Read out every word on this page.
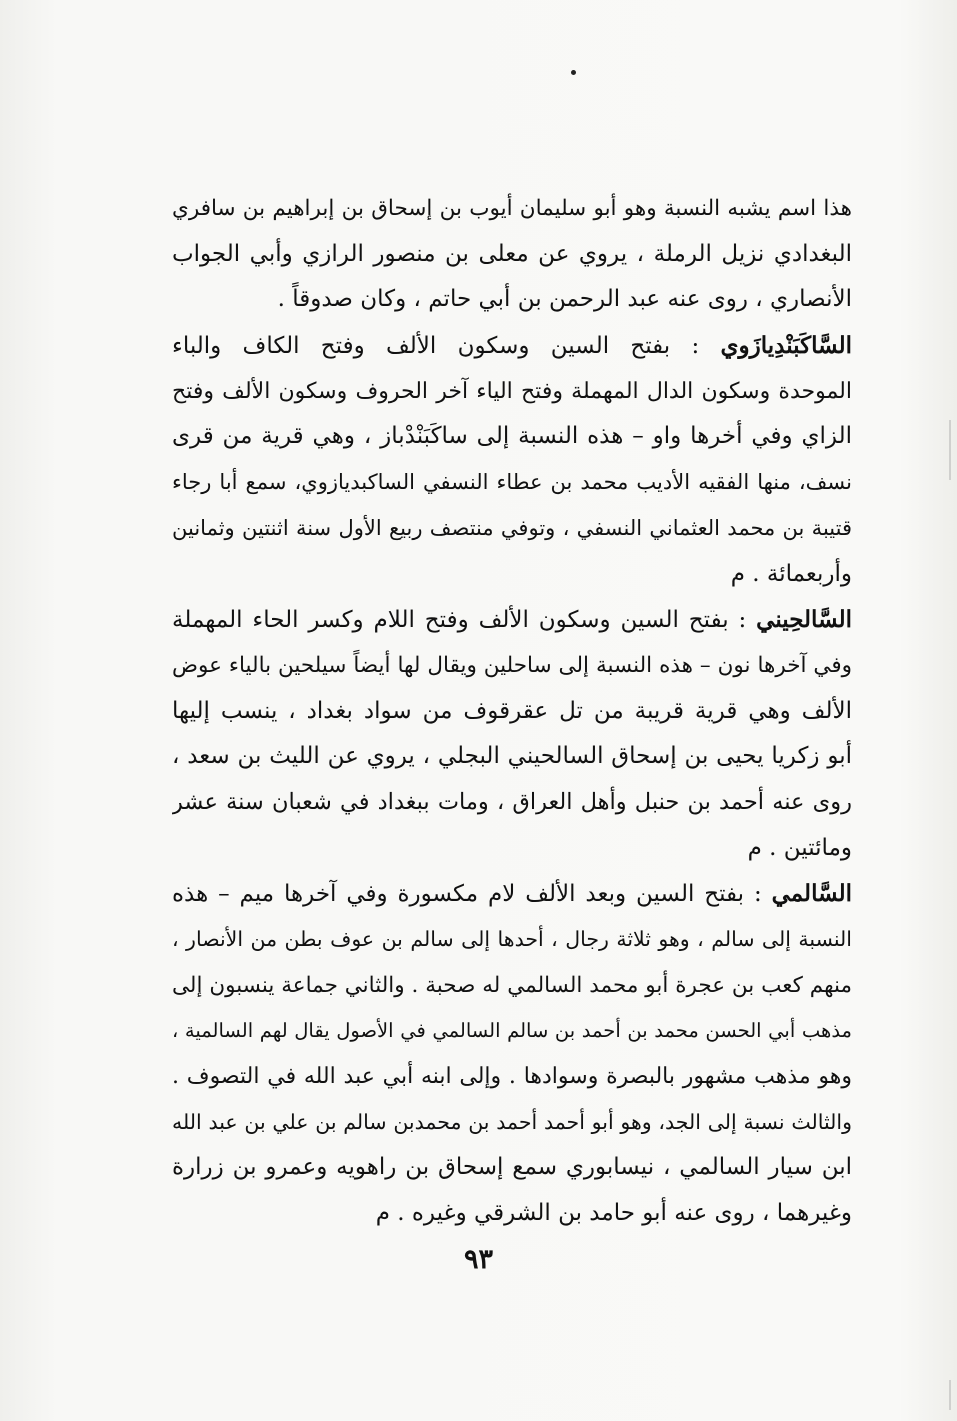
هذا اسم يشبه النسبة وهو أبو سليمان أيوب بن إسحاق بن إبراهيم بن سافري
البغدادي نزيل الرملة ، يروي عن معلى بن منصور الرازي وأبي الجواب
الأنصاري ، روى عنه عبد الرحمن بن أبي حاتم ، وكان صدوقاً .
السَّاكَبَنْدِيازَوي : بفتح السين وسكون الألف وفتح الكاف والباء
الموحدة وسكون الدال المهملة وفتح الياء آخر الحروف وسكون الألف وفتح
الزاي وفي أخرها واو – هذه النسبة إلى ساكَبَنْدْباز ، وهي قرية من قرى
نسف، منها الفقيه الأديب محمد بن عطاء النسفي الساكبديازوي، سمع أبا رجاء
قتيبة بن محمد العثماني النسفي ، وتوفي منتصف ربيع الأول سنة اثنتين وثمانين
وأربعمائة . م
السَّالحِيني : بفتح السين وسكون الألف وفتح اللام وكسر الحاء المهملة
وفي آخرها نون – هذه النسبة إلى ساحلين ويقال لها أيضاً سيلحين بالياء عوض
الألف وهي قرية قريبة من تل عقرقوف من سواد بغداد ، ينسب إليها
أبو زكريا يحيى بن إسحاق السالحيني البجلي ، يروي عن الليث بن سعد ،
روى عنه أحمد بن حنبل وأهل العراق ، ومات ببغداد في شعبان سنة عشر
ومائتين . م
السَّالمي : بفتح السين وبعد الألف لام مكسورة وفي آخرها ميم – هذه
النسبة إلى سالم ، وهو ثلاثة رجال ، أحدها إلى سالم بن عوف بطن من الأنصار ،
منهم كعب بن عجرة أبو محمد السالمي له صحبة . والثاني جماعة ينسبون إلى
مذهب أبي الحسن محمد بن أحمد بن سالم السالمي في الأصول يقال لهم السالمية ،
وهو مذهب مشهور بالبصرة وسوادها . وإلى ابنه أبي عبد الله في التصوف .
والثالث نسبة إلى الجد، وهو أبو أحمد أحمد بن محمدبن سالم بن علي بن عبد الله
ابن سيار السالمي ، نيسابوري سمع إسحاق بن راهويه وعمرو بن زرارة
وغيرهما ، روى عنه أبو حامد بن الشرقي وغيره . م
٩٣
